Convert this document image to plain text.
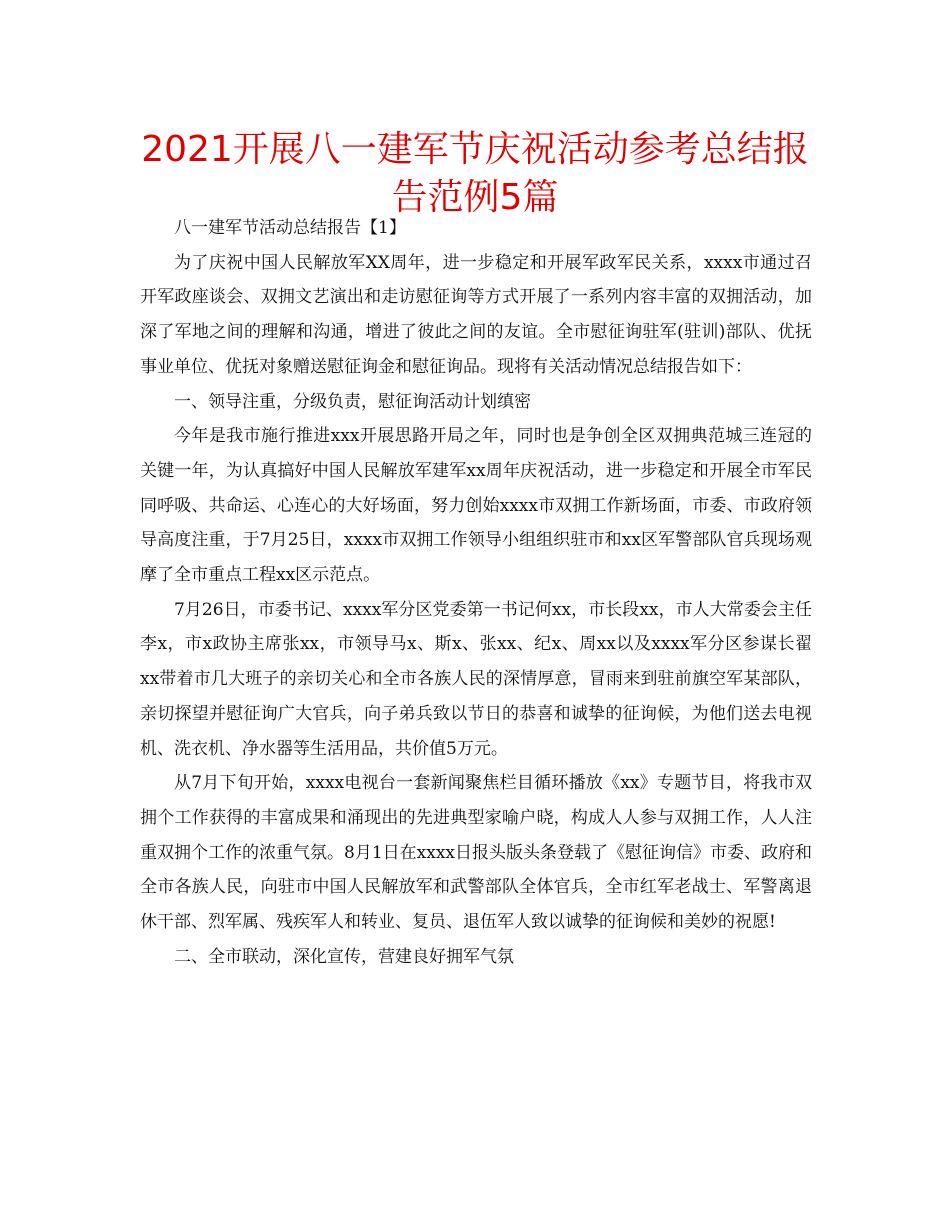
2021开展八一建军节庆祝活动参考总结报告范例5篇

八一建军节活动总结报告【1】

为了庆祝中国人民解放军XX周年，进一步稳定和开展军政军民关系，xxxx市通过召开军政座谈会、双拥文艺演出和走访慰征询等方式开展了一系列内容丰富的双拥活动，加深了军地之间的理解和沟通，增进了彼此之间的友谊。全市慰征询驻军(驻训)部队、优抚事业单位、优抚对象赠送慰征询金和慰征询品。现将有关活动情况总结报告如下：

一、领导注重，分级负责，慰征询活动计划缜密

今年是我市施行推进xxx开展思路开局之年，同时也是争创全区双拥典范城三连冠的关键一年，为认真搞好中国人民解放军建军xx周年庆祝活动，进一步稳定和开展全市军民同呼吸、共命运、心连心的大好场面，努力创始xxxx市双拥工作新场面，市委、市政府领导高度注重，于7月25日，xxxx市双拥工作领导小组组织驻市和xx区军警部队官兵现场观摩了全市重点工程xx区示范点。

7月26日，市委书记、xxxx军分区党委第一书记何xx，市长段xx，市人大常委会主任李x，市x政协主席张xx，市领导马x、斯x、张xx、纪x、周xx以及xxxx军分区参谋长翟xx带着市几大班子的亲切关心和全市各族人民的深情厚意，冒雨来到驻前旗空军某部队，亲切探望并慰征询广大官兵，向子弟兵致以节日的恭喜和诚挚的征询候，为他们送去电视机、洗衣机、净水器等生活用品，共价值5万元。

从7月下旬开始，xxxx电视台一套新闻聚焦栏目循环播放《xx》专题节目，将我市双拥个工作获得的丰富成果和涌现出的先进典型家喻户晓，构成人人参与双拥工作，人人注重双拥个工作的浓重气氛。8月1日在xxxx日报头版头条登载了《慰征询信》市委、政府和全市各族人民，向驻市中国人民解放军和武警部队全体官兵，全市红军老战士、军警离退休干部、烈军属、残疾军人和转业、复员、退伍军人致以诚挚的征询候和美妙的祝愿!

二、全市联动，深化宣传，营建良好拥军气氛
